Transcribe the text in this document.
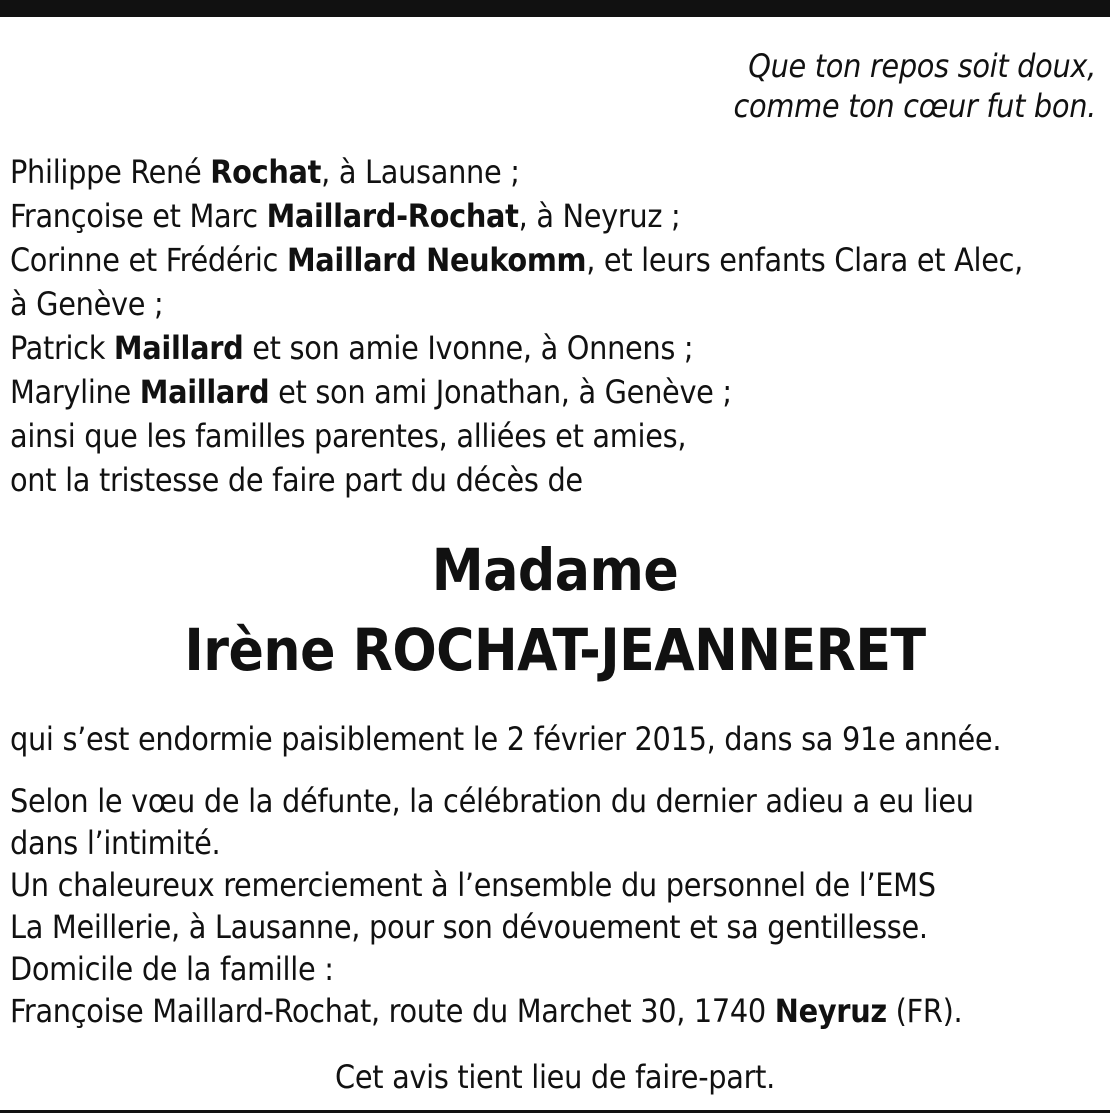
Que ton repos soit doux,
comme ton cœur fut bon.
Philippe René Rochat, à Lausanne ;
Françoise et Marc Maillard-Rochat, à Neyruz ;
Corinne et Frédéric Maillard Neukomm, et leurs enfants Clara et Alec,
à Genève ;
Patrick Maillard et son amie Ivonne, à Onnens ;
Maryline Maillard et son ami Jonathan, à Genève ;
ainsi que les familles parentes, alliées et amies,
ont la tristesse de faire part du décès de
Madame
Irène ROCHAT-JEANNERET
qui s’est endormie paisiblement le 2 février 2015, dans sa 91e année.
Selon le vœu de la défunte, la célébration du dernier adieu a eu lieu
dans l’intimité.
Un chaleureux remerciement à l’ensemble du personnel de l’EMS
La Meillerie, à Lausanne, pour son dévouement et sa gentillesse.
Domicile de la famille :
Françoise Maillard-Rochat, route du Marchet 30, 1740 Neyruz (FR).
Cet avis tient lieu de faire-part.
